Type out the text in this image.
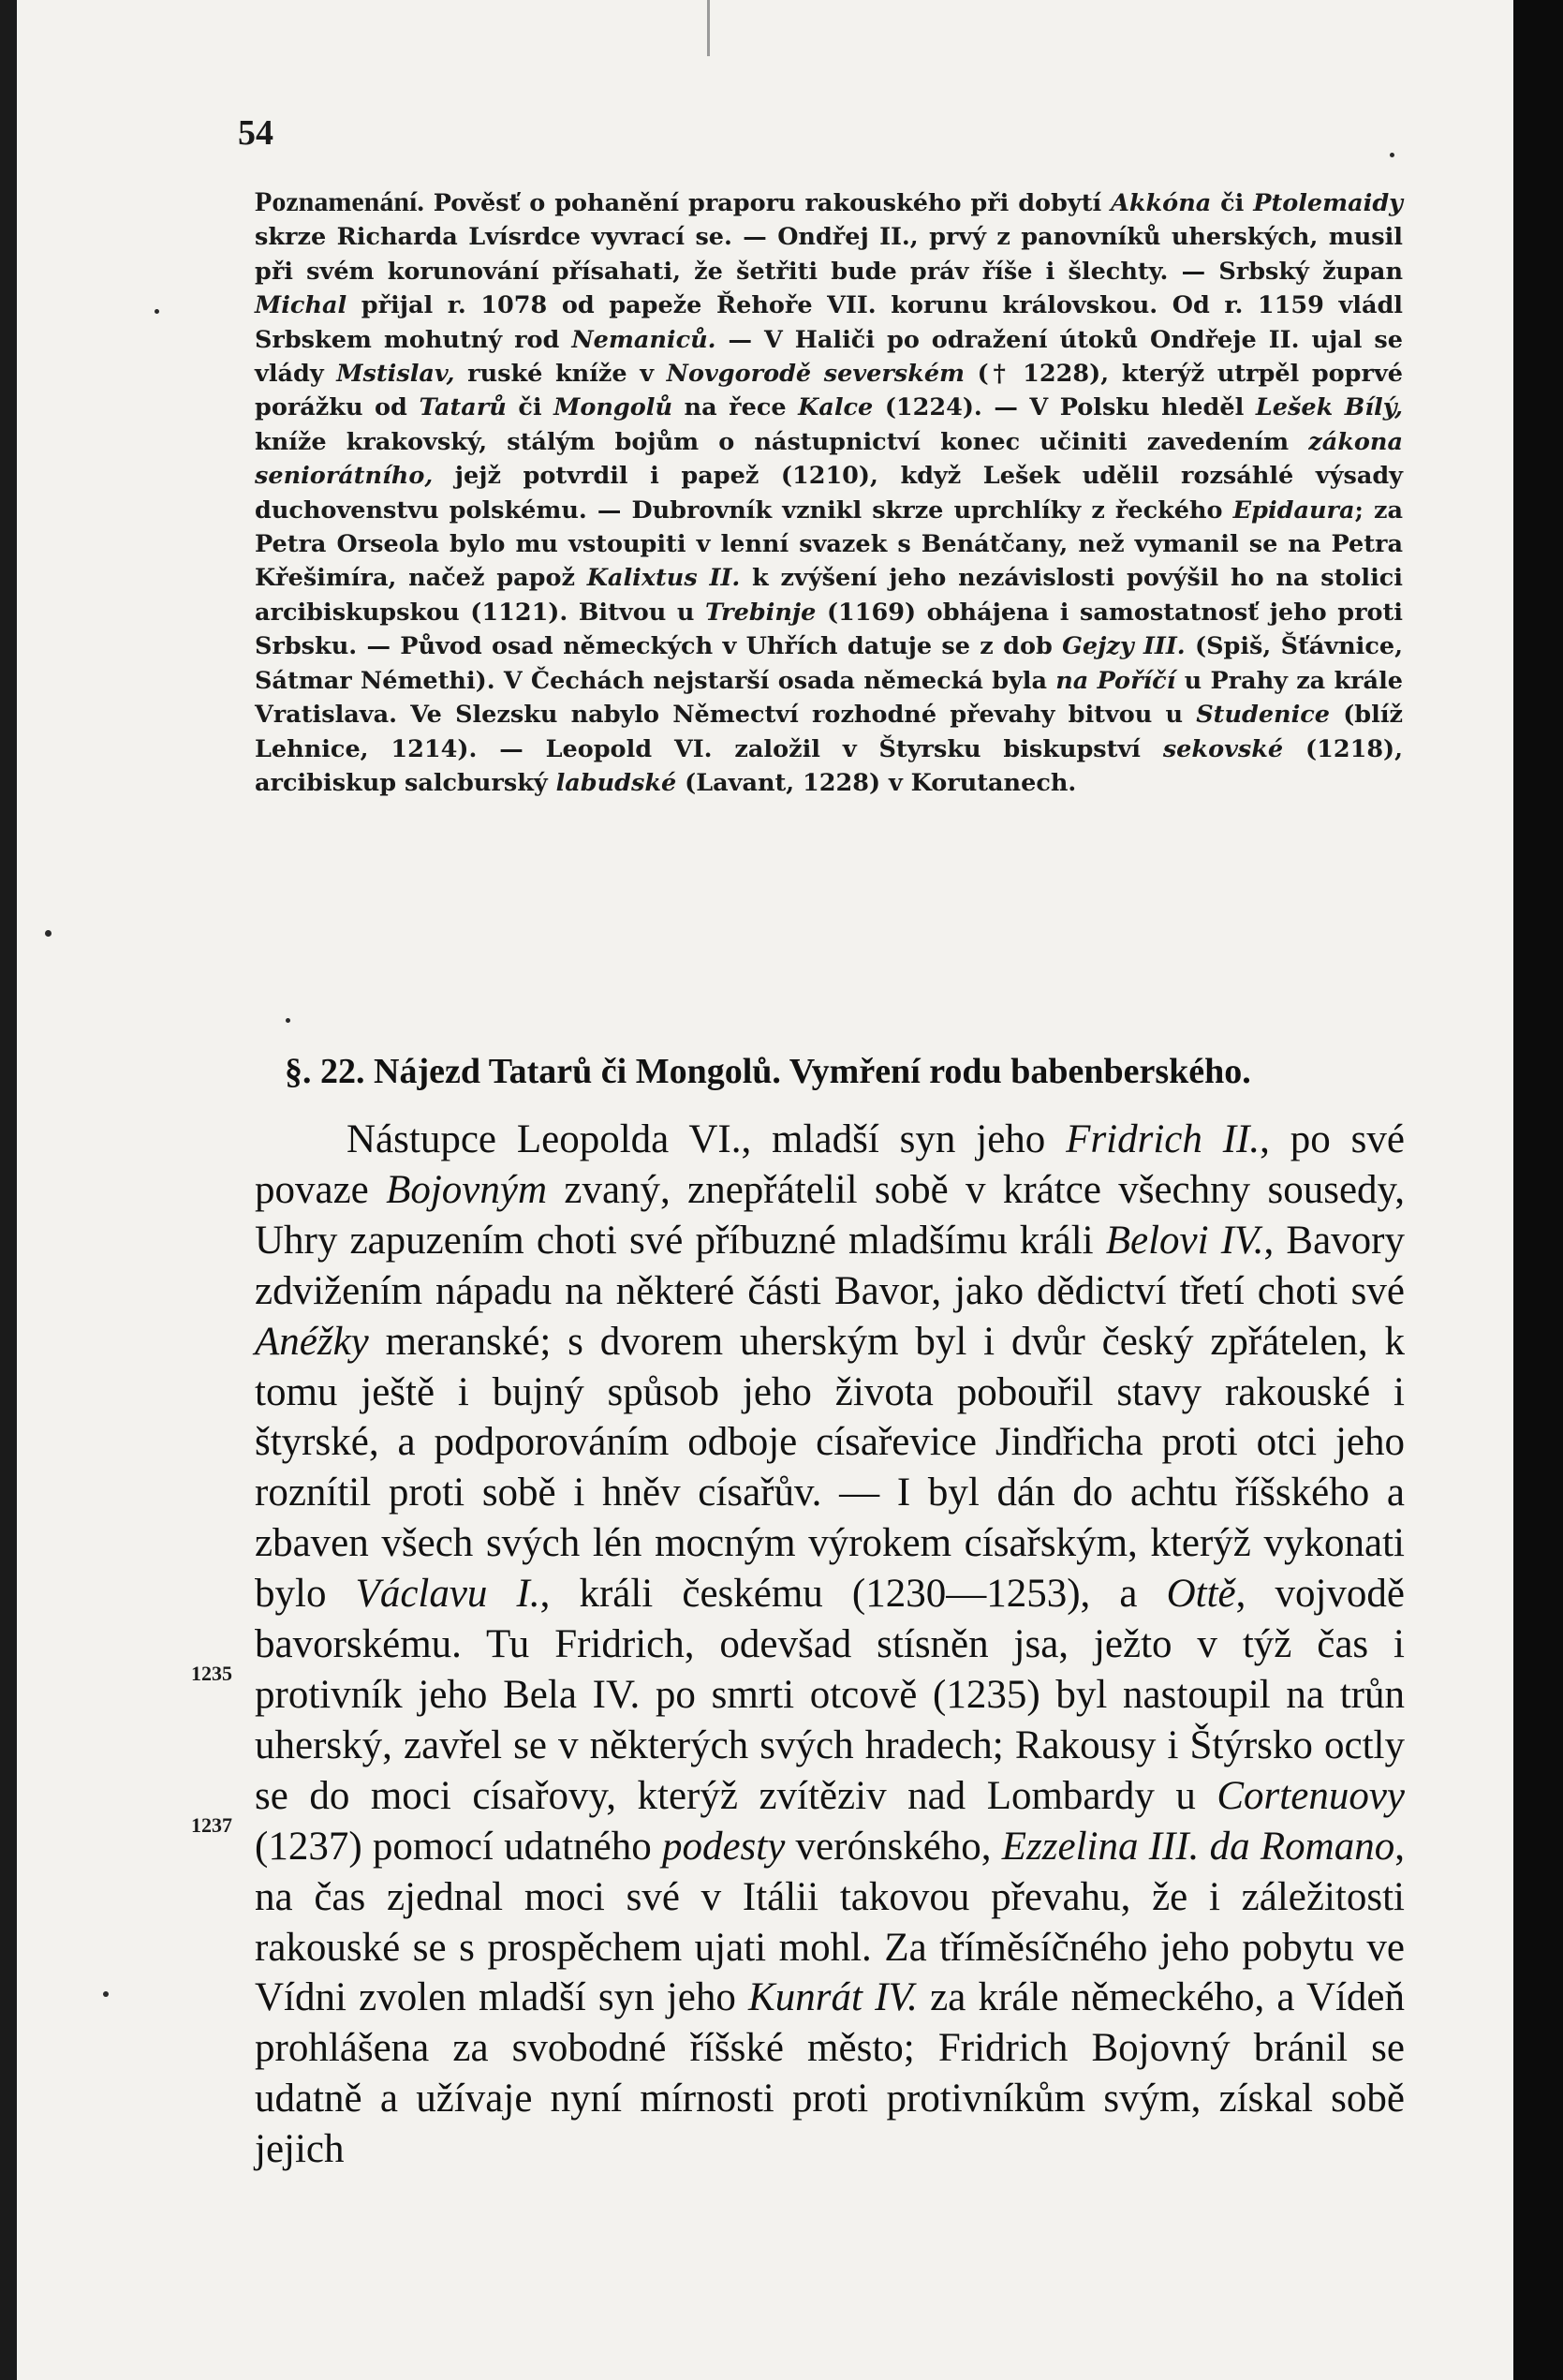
54
Poznamenání. Pověsť o pohanění praporu rakouského při dobytí Akkóna či Ptolemaidy skrze Richarda Lvísrdce vyvrací se. — Ondřej II., prvý z panovníků uherských, musil při svém korunování přísahati, že šetřiti bude práv říše i šlechty. — Srbský župan Michal přijal r. 1078 od papeže Řehoře VII. korunu královskou. Od r. 1159 vládl Srbskem mohutný rod Nemaniců. — V Haliči po odražení útoků Ondřeje II. ujal se vlády Mstislav, ruské kníže v Novgorodě severském († 1228), kterýž utrpěl poprvé porážku od Tatarů či Mongolů na řece Kalce (1224). — V Polsku hleděl Lešek Bílý, kníže krakovský, stálým bojům o nástupnictví konec učiniti zavedením zákona seniorátního, jejž potvrdil i papež (1210), když Lešek udělil rozsáhlé výsady duchovenstvu polskému. — Dubrovník vznikl skrze uprchlíky z řeckého Epidaura; za Petra Orseola bylo mu vstoupiti v lenní svazek s Benátčany, než vymanil se na Petra Křešimíra, načež papož Kalixtus II. k zvýšení jeho nezávislosti povýšil ho na stolici arcibiskupskou (1121). Bitvou u Trebinje (1169) obhájena i samostatnosť jeho proti Srbsku. — Původ osad německých v Uhřích datuje se z dob Gejzy III. (Spiš, Šťávnice, Sátmar Némethi). V Čechách nejstarší osada německá byla na Poříčí u Prahy za krále Vratislava. Ve Slezsku nabylo Němectví rozhodné převahy bitvou u Studenice (blíž Lehnice, 1214). — Leopold VI. založil v Štyrsku biskupství sekovské (1218), arcibiskup salcburský labudské (Lavant, 1228) v Korutanech.
§. 22. Nájezd Tatarů či Mongolů. Vymření rodu babenberského.

Nástupce Leopolda VI., mladší syn jeho Fridrich II., po své povaze Bojovným zvaný, znepřátelil sobě v krátce všechny sousedy, Uhry zapuzením choti své příbuzné mladšímu králi Belovi IV., Bavory zdvižením nápadu na některé části Bavor, jako dědictví třetí choti své Anéžky meranské; s dvorem uherským byl i dvůr český zpřátelen, k tomu ještě i bujný spůsob jeho života pobouřil stavy rakouské i štyrské, a podporováním odboje císařevice Jindřicha proti otci jeho roznítil proti sobě i hněv císařův. — I byl dán do achtu říšského a zbaven všech svých lén mocným výrokem císařským, kterýž vykonati bylo Václavu I., králi českému (1230—1253), a Ottě, vojvodě bavorskému. Tu Fridrich, odevšad stísněn jsa, ježto v týž čas i protivník jeho Bela IV. po smrti otcově (1235) byl nastoupil na trůn uherský, zavřel se v některých svých hradech; Rakousy i Štýrsko octly se do moci císařovy, kterýž zvítěziv nad Lombardy u Cortenuovy (1237) pomocí udatného podesty verónského, Ezzelina III. da Romano, na čas zjednal moci své v Itálii takovou převahu, že i záležitosti rakouské se s prospěchem ujati mohl. Za tříměsíčného jeho pobytu ve Vídni zvolen mladší syn jeho Kunrát IV. za krále německého, a Vídeň prohlášena za svobodné říšské město; Fridrich Bojovný bránil se udatně a užívaje nyní mírnosti proti protivníkům svým, získal sobě jejich

1235
1237
